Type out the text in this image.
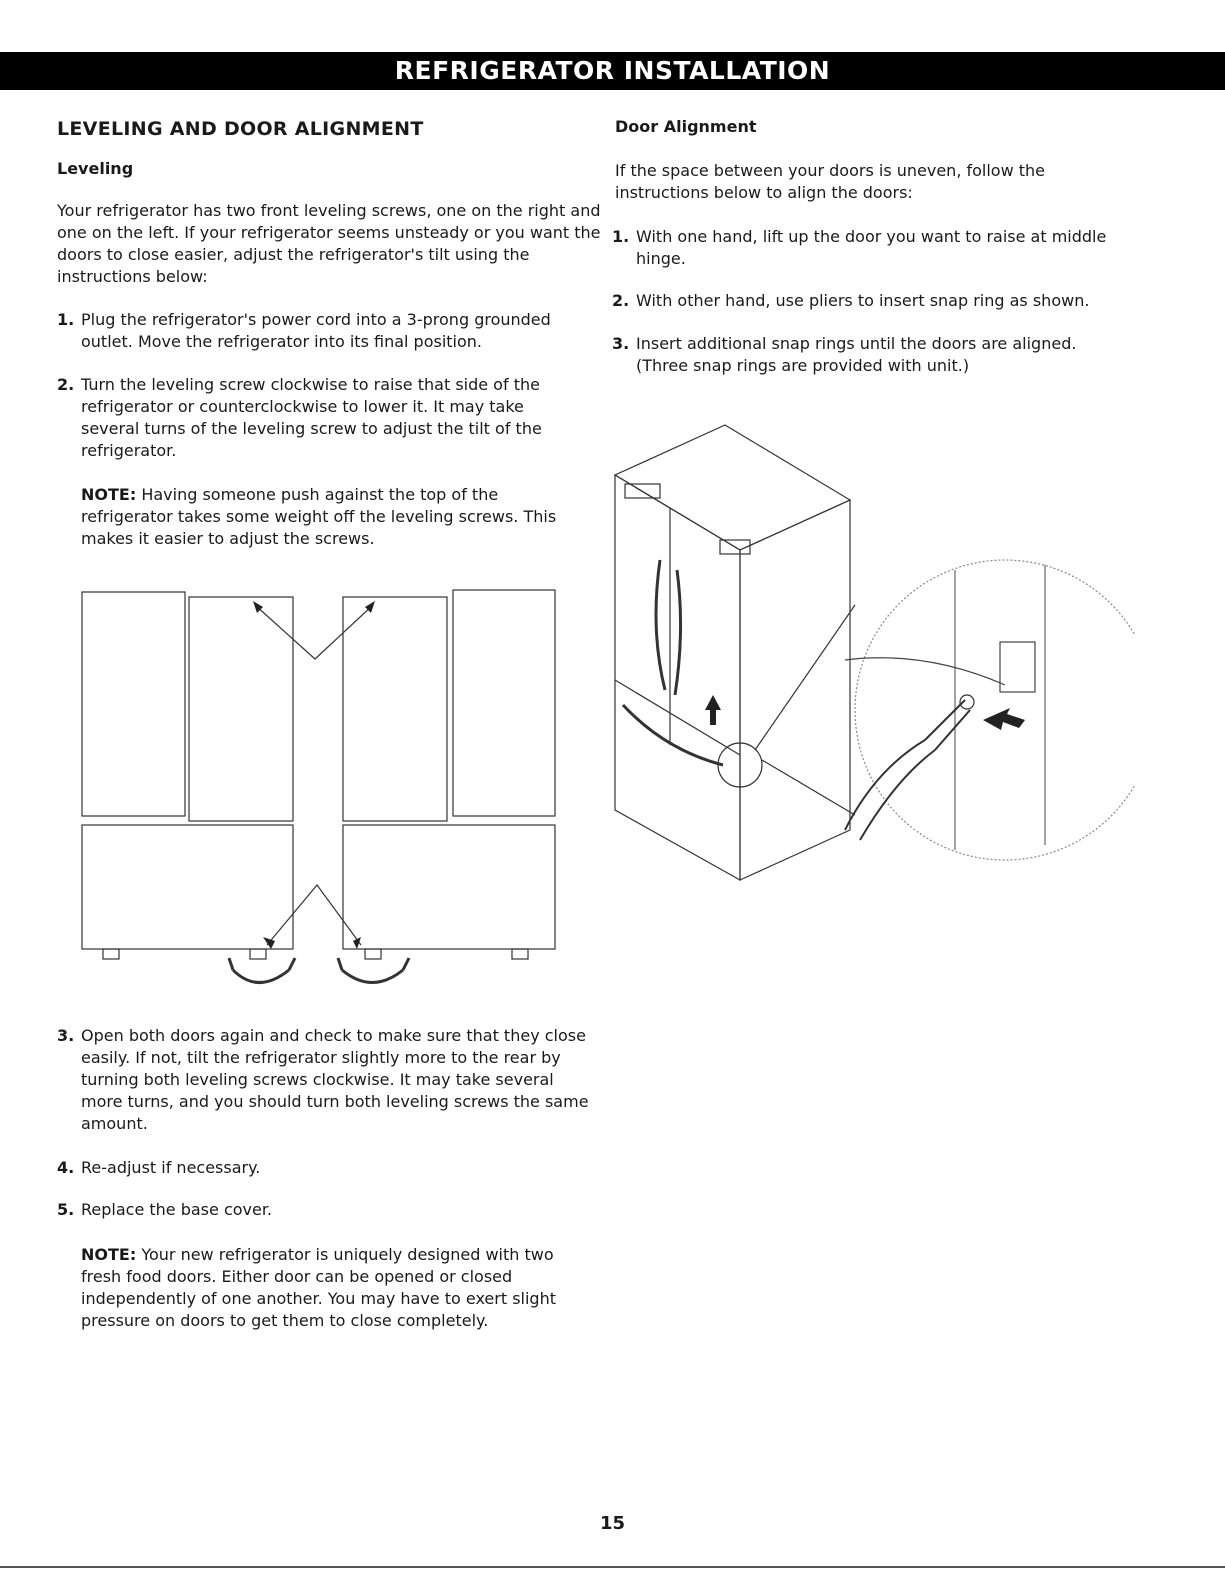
REFRIGERATOR INSTALLATION
LEVELING AND DOOR ALIGNMENT
Leveling

Your refrigerator has two front leveling screws, one on the right and one on the left. If your refrigerator seems unsteady or you want the doors to close easier, adjust the refrigerator's tilt using the instructions below:

1. Plug the refrigerator's power cord into a 3-prong grounded outlet. Move the refrigerator into its final position.
2. Turn the leveling screw clockwise to raise that side of the refrigerator or counterclockwise to lower it. It may take several turns of the leveling screw to adjust the tilt of the refrigerator.
NOTE: Having someone push against the top of the refrigerator takes some weight off the leveling screws. This makes it easier to adjust the screws.
3. Open both doors again and check to make sure that they close easily. If not, tilt the refrigerator slightly more to the rear by turning both leveling screws clockwise. It may take several more turns, and you should turn both leveling screws the same amount.
4. Re-adjust if necessary.
5. Replace the base cover.
NOTE: Your new refrigerator is uniquely designed with two fresh food doors. Either door can be opened or closed independently of one another. You may have to exert slight pressure on doors to get them to close completely.
Door Alignment

If the space between your doors is uneven, follow the instructions below to align the doors:

1. With one hand, lift up the door you want to raise at middle hinge.
2. With other hand, use pliers to insert snap ring as shown.
3. Insert additional snap rings until the doors are aligned. (Three snap rings are provided with unit.)
15
